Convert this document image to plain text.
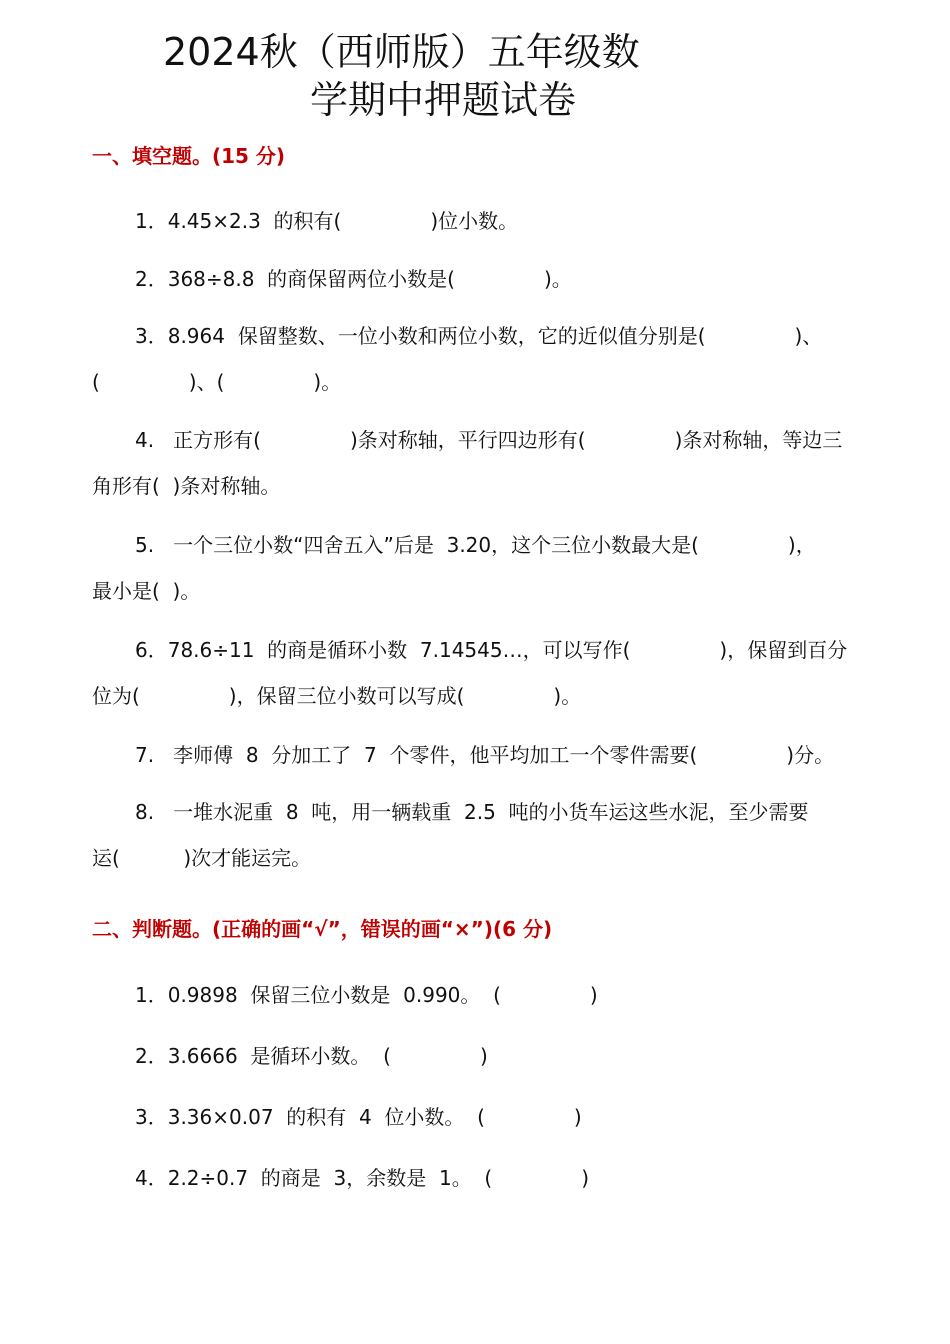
2024秋（西师版）五年级数
学期中押题试卷
一、填空题。(15 分)
1．4.45×2.3  的积有(              )位小数。
2．368÷8.8  的商保留两位小数是(              )。
3．8.964  保留整数、一位小数和两位小数，它的近似值分别是(              )、
(              )、(              )。
4.   正方形有(              )条对称轴，平行四边形有(              )条对称轴，等边三
角形有(  )条对称轴。
5.   一个三位小数“四舍五入”后是  3.20，这个三位小数最大是(              )，
最小是(  )。
6．78.6÷11  的商是循环小数  7.14545…，可以写作(              )，保留到百分
位为(              )，保留三位小数可以写成(              )。
7.   李师傅  8  分加工了  7  个零件，他平均加工一个零件需要(              )分。
8.   一堆水泥重  8  吨，用一辆载重  2.5  吨的小货车运这些水泥，至少需要
运(          )次才能运完。
二、判断题。(正确的画“√”，错误的画“×”)(6 分)
1．0.9898  保留三位小数是  0.990。  (              )
2．3.6666  是循环小数。  (              )
3．3.36×0.07  的积有  4  位小数。  (              )
4．2.2÷0.7  的商是  3，余数是  1。  (              )
